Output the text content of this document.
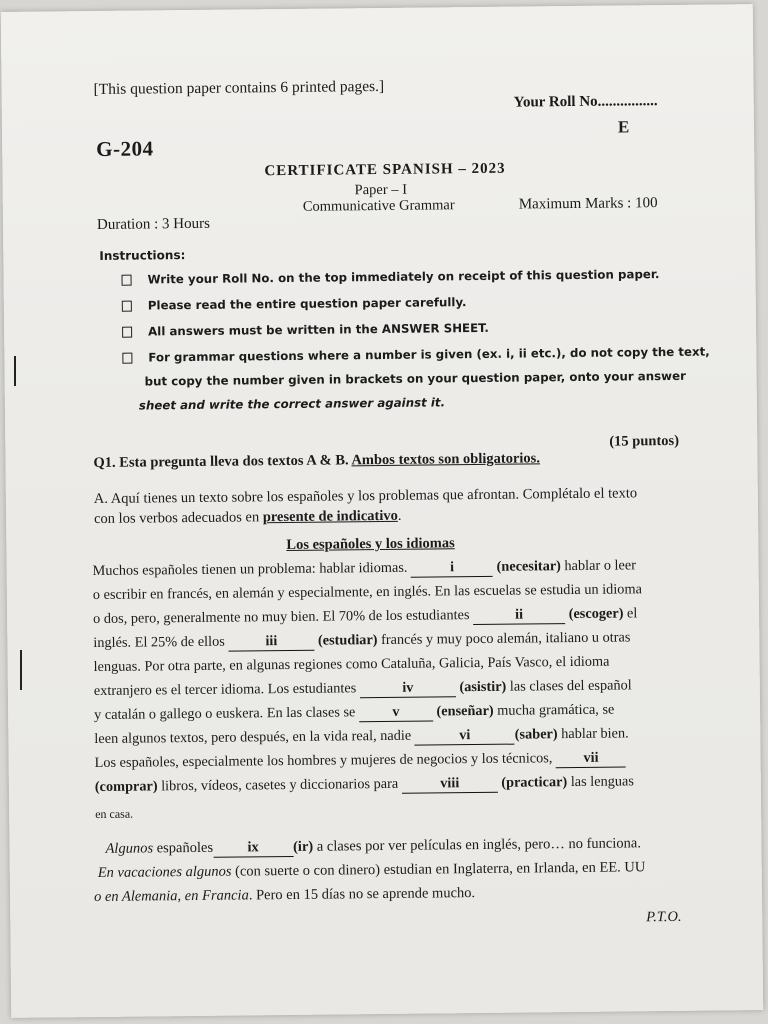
[This question paper contains 6 printed pages.]
Your Roll No................
E
G-204
CERTIFICATE SPANISH – 2023
Paper – I
Communicative Grammar	Maximum Marks : 100
Duration : 3 Hours
Instructions:
Write your Roll No. on the top immediately on receipt of this question paper.
Please read the entire question paper carefully.
All answers must be written in the ANSWER SHEET.
For grammar questions where a number is given (ex. i, ii etc.), do not copy the text,
but copy the number given in brackets on your question paper, onto your answer
sheet and write the correct answer against it.
Q1. Esta pregunta lleva dos textos A & B. Ambos textos son obligatorios.
(15 puntos)
A. Aquí tienes un texto sobre los españoles y los problemas que afrontan. Complétalo el texto
con los verbos adecuados en presente de indicativo.
Los españoles y los idiomas
Muchos españoles tienen un problema: hablar idiomas.	i	(necesitar) hablar o leer
o escribir en francés, en alemán y especialmente, en inglés. En las escuelas se estudia un idioma
o dos, pero, generalmente no muy bien. El 70% de los estudiantes	ii	(escoger) el
inglés. El 25% de ellos	iii	(estudiar) francés y muy poco alemán, italiano u otras
lenguas. Por otra parte, en algunas regiones como Cataluña, Galicia, País Vasco, el idioma
extranjero es el tercer idioma. Los estudiantes	iv	(asistir) las clases del español
y catalán o gallego o euskera. En las clases se v (enseñar) mucha gramática, se
leen algunos textos, pero después, en la vida real, nadie	vi	(saber) hablar bien.
Los españoles, especialmente los hombres y mujeres de negocios y los técnicos, vii
(comprar) libros, vídeos, casetes y diccionarios para	viii	(practicar) las lenguas
en casa.
Algunos españoles ix (ir) a clases por ver películas en inglés, pero… no funciona.
En vacaciones algunos (con suerte o con dinero) estudian en Inglaterra, en Irlanda, en EE. UU
o en Alemania, en Francia. Pero en 15 días no se aprende mucho.
P.T.O.
